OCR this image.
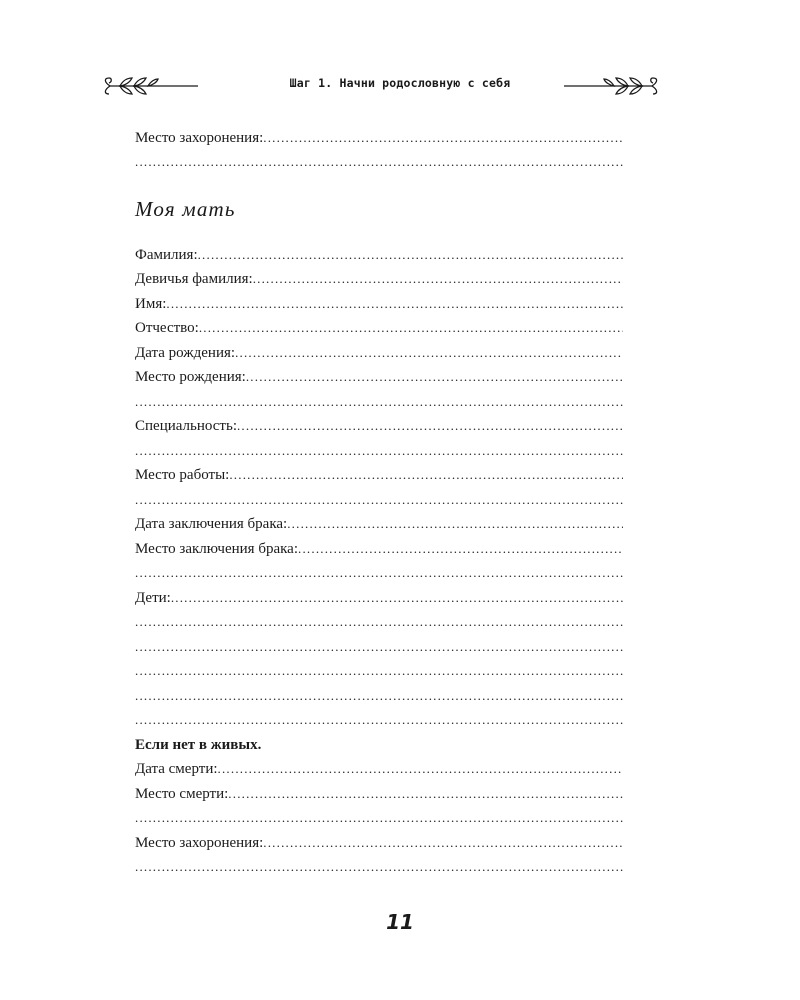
Шаг 1. Начни родословную с себя
Место захоронения:
.....
.....
Моя мать
Фамилия:
.....
Девичья фамилия:
.....
Имя:
.....
Отчество:
.....
Дата рождения:
.....
Место рождения:
.....
.....
Специальность:
.....
.....
Место работы:
.....
.....
Дата заключения брака:
.....
Место заключения брака:
.....
.....
Дети:
.....
.....
.....
.....
.....
.....
Если нет в живых.
Дата смерти:
.....
Место смерти:
.....
.....
Место захоронения:
.....
.....
11
